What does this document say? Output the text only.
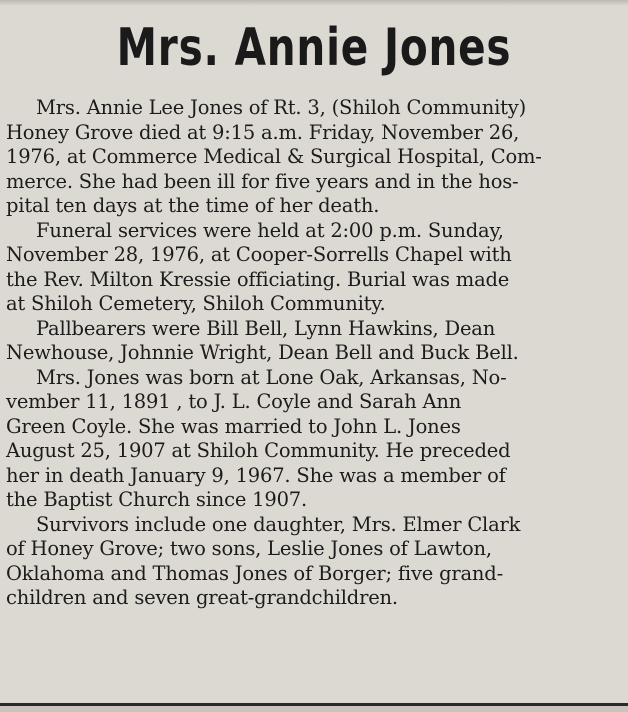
Mrs. Annie Jones

Mrs. Annie Lee Jones of Rt. 3, (Shiloh Community)
Honey Grove died at 9:15 a.m. Friday, November 26,
1976, at Commerce Medical & Surgical Hospital, Com-
merce. She had been ill for five years and in the hos-
pital ten days at the time of her death.

Funeral services were held at 2:00 p.m. Sunday,
November 28, 1976, at Cooper-Sorrells Chapel with
the Rev. Milton Kressie officiating. Burial was made
at Shiloh Cemetery, Shiloh Community.

Pallbearers were Bill Bell, Lynn Hawkins, Dean
Newhouse, Johnnie Wright, Dean Bell and Buck Bell.

Mrs. Jones was born at Lone Oak, Arkansas, No-
vember 11, 1891 , to J. L. Coyle and Sarah Ann
Green Coyle. She was married to John L. Jones
August 25, 1907 at Shiloh Community. He preceded
her in death January 9, 1967. She was a member of
the Baptist Church since 1907.

Survivors include one daughter, Mrs. Elmer Clark
of Honey Grove; two sons, Leslie Jones of Lawton,
Oklahoma and Thomas Jones of Borger; five grand-
children and seven great-grandchildren.
